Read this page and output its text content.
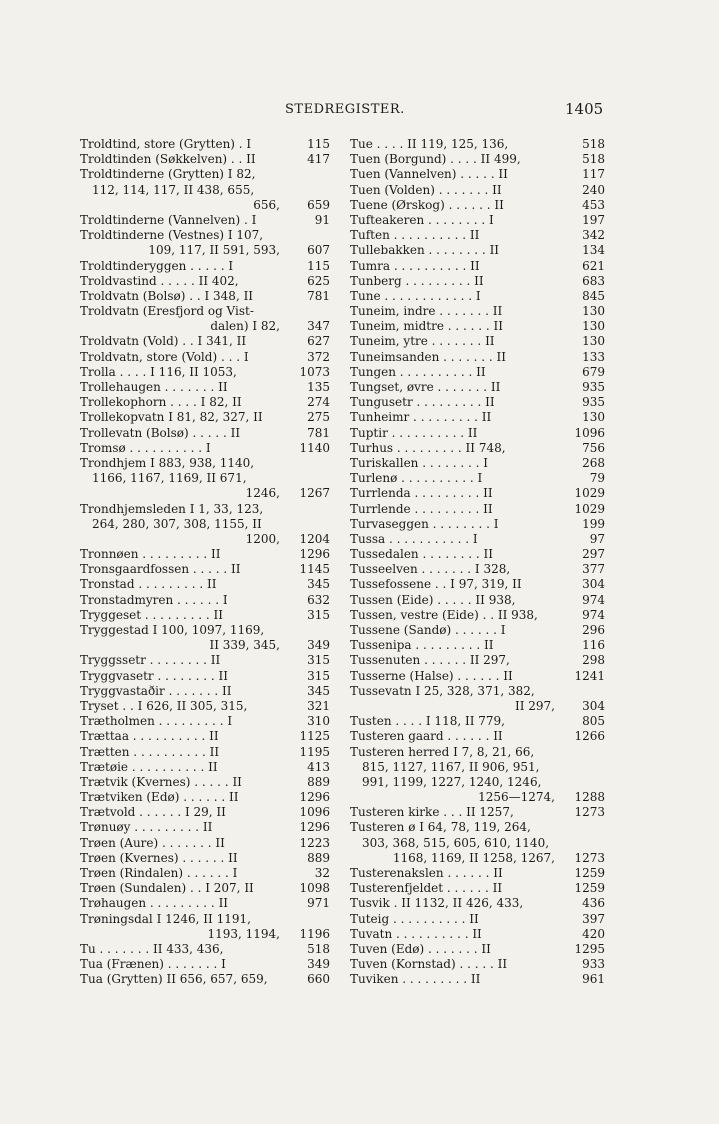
STEDREGISTER.	1405
Troldtind, store (Grytten) . I	115
Troldtinden (Søkkelven) . . II	417
Troldtinderne (Grytten) I 82,
112, 114, 117, II 438, 655,
656,	659
Troldtinderne (Vannelven) . I	91
Troldtinderne (Vestnes) I 107,
109, 117, II 591, 593,	607
Troldtinderyggen . . . . . I	115
Troldvastind . . . . . II 402,	625
Troldvatn (Bolsø) . . I 348, II	781
Troldvatn (Eresfjord og Vist-
dalen) I 82,	347
Troldvatn (Vold) . . I 341, II	627
Troldvatn, store (Vold) . . . I	372
Trolla . . . . I 116, II 1053,	1073
Trollehaugen . . . . . . . II	135
Trollekophorn . . . . I 82, II	274
Trollekopvatn I 81, 82, 327, II	275
Trollevatn (Bolsø) . . . . . II	781
Tromsø . . . . . . . . . . I	1140
Trondhjem I 883, 938, 1140,
1166, 1167, 1169, II 671,
1246,	1267
Trondhjemsleden I 1, 33, 123,
264, 280, 307, 308, 1155, II
1200,	1204
Tronnøen . . . . . . . . . II	1296
Tronsgaardfossen . . . . . II	1145
Tronstad . . . . . . . . . II	345
Tronstadmyren . . . . . . I	632
Tryggeset . . . . . . . . . II	315
Tryggestad I 100, 1097, 1169,
II 339, 345,	349
Tryggssetr . . . . . . . . II	315
Tryggvasetr . . . . . . . . II	315
Tryggvastaðir . . . . . . . II	345
Tryset . . I 626, II 305, 315,	321
Trætholmen . . . . . . . . . I	310
Trættaa . . . . . . . . . . II	1125
Trætten . . . . . . . . . . II	1195
Trætøie . . . . . . . . . . II	413
Trætvik (Kvernes) . . . . . II	889
Trætviken (Edø) . . . . . . II	1296
Trætvold . . . . . . I 29, II	1096
Trønuøy . . . . . . . . . II	1296
Trøen (Aure) . . . . . . . II	1223
Trøen (Kvernes) . . . . . . II	889
Trøen (Rindalen) . . . . . . I	32
Trøen (Sundalen) . . I 207, II	1098
Trøhaugen . . . . . . . . . II	971
Trøningsdal I 1246, II 1191,
1193, 1194,	1196
Tu . . . . . . . II 433, 436,	518
Tua (Frænen) . . . . . . . I	349
Tua (Grytten) II 656, 657, 659,	660
Tue . . . . II 119, 125, 136,	518
Tuen (Borgund) . . . . II 499,	518
Tuen (Vannelven) . . . . . II	117
Tuen (Volden) . . . . . . . II	240
Tuene (Ørskog) . . . . . . II	453
Tufteakeren . . . . . . . . I	197
Tuften . . . . . . . . . . II	342
Tullebakken . . . . . . . . II	134
Tumra . . . . . . . . . . II	621
Tunberg . . . . . . . . . II	683
Tune . . . . . . . . . . . . I	845
Tuneim, indre . . . . . . . II	130
Tuneim, midtre . . . . . . II	130
Tuneim, ytre . . . . . . . II	130
Tuneimsanden . . . . . . . II	133
Tungen . . . . . . . . . . II	679
Tungset, øvre . . . . . . . II	935
Tungusetr . . . . . . . . . II	935
Tunheimr . . . . . . . . . II	130
Tuptir . . . . . . . . . . II	1096
Turhus . . . . . . . . . II 748,	756
Turiskallen . . . . . . . . I	268
Turlenø . . . . . . . . . . I	79
Turrlenda . . . . . . . . . II	1029
Turrlende . . . . . . . . . II	1029
Turvaseggen . . . . . . . . I	199
Tussa . . . . . . . . . . . I	97
Tussedalen . . . . . . . . II	297
Tusseelven . . . . . . . I 328,	377
Tussefossene . . I 97, 319, II	304
Tussen (Eide) . . . . . II 938,	974
Tussen, vestre (Eide) . . II 938,	974
Tussene (Sandø) . . . . . . I	296
Tussenipa . . . . . . . . . II	116
Tussenuten . . . . . . II 297,	298
Tusserne (Halse) . . . . . . II	1241
Tussevatn I 25, 328, 371, 382,
II 297,	304
Tusten . . . . I 118, II 779,	805
Tusteren gaard . . . . . . II	1266
Tusteren herred I 7, 8, 21, 66,
815, 1127, 1167, II 906, 951,
991, 1199, 1227, 1240, 1246,
1256—1274,	1288
Tusteren kirke . . . II 1257,	1273
Tusteren ø I 64, 78, 119, 264,
303, 368, 515, 605, 610, 1140,
1168, 1169, II 1258, 1267,	1273
Tusterenakslen . . . . . . II	1259
Tusterenfjeldet . . . . . . II	1259
Tusvik . II 1132, II 426, 433,	436
Tuteig . . . . . . . . . . II	397
Tuvatn . . . . . . . . . . II	420
Tuven (Edø) . . . . . . . II	1295
Tuven (Kornstad) . . . . . II	933
Tuviken . . . . . . . . . II	961
